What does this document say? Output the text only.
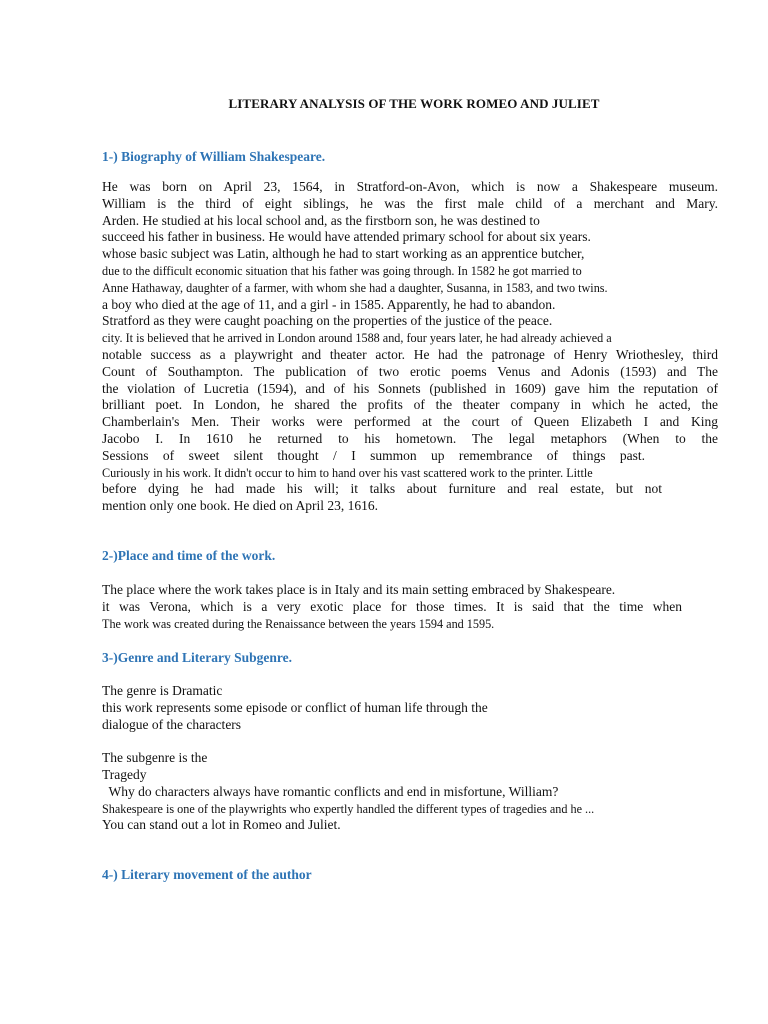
LITERARY ANALYSIS OF THE WORK ROMEO AND JULIET
1-) Biography of William Shakespeare.
He was born on April 23, 1564, in Stratford-on-Avon, which is now a Shakespeare museum.
William is the third of eight siblings, he was the first male child of a merchant and Mary.
Arden. He studied at his local school and, as the firstborn son, he was destined to
succeed his father in business. He would have attended primary school for about six years.
whose basic subject was Latin, although he had to start working as an apprentice butcher,
due to the difficult economic situation that his father was going through. In 1582 he got married to
Anne Hathaway, daughter of a farmer, with whom she had a daughter, Susanna, in 1583, and two twins.
a boy who died at the age of 11, and a girl - in 1585. Apparently, he had to abandon.
Stratford as they were caught poaching on the properties of the justice of the peace.
city. It is believed that he arrived in London around 1588 and, four years later, he had already achieved a
notable success as a playwright and theater actor. He had the patronage of Henry Wriothesley, third
Count of Southampton. The publication of two erotic poems Venus and Adonis (1593) and The
the violation of Lucretia (1594), and of his Sonnets (published in 1609) gave him the reputation of
brilliant poet. In London, he shared the profits of the theater company in which he acted, the
Chamberlain's Men. Their works were performed at the court of Queen Elizabeth I and King
Jacobo I. In 1610 he returned to his hometown. The legal metaphors (When to the
Sessions of sweet silent thought / I summon up remembrance of things past.
Curiously in his work. It didn't occur to him to hand over his vast scattered work to the printer. Little
before dying he had made his will; it talks about furniture and real estate, but not
mention only one book. He died on April 23, 1616.
2-)Place and time of the work.
The place where the work takes place is in Italy and its main setting embraced by Shakespeare.
it was Verona, which is a very exotic place for those times. It is said that the time when
The work was created during the Renaissance between the years 1594 and 1595.
3-)Genre and Literary Subgenre.
The genre is Dramatic
this work represents some episode or conflict of human life through the
dialogue of the characters

The subgenre is the
Tragedy
Why do characters always have romantic conflicts and end in misfortune, William?
Shakespeare is one of the playwrights who expertly handled the different types of tragedies and he ...
You can stand out a lot in Romeo and Juliet.
4-) Literary movement of the author
